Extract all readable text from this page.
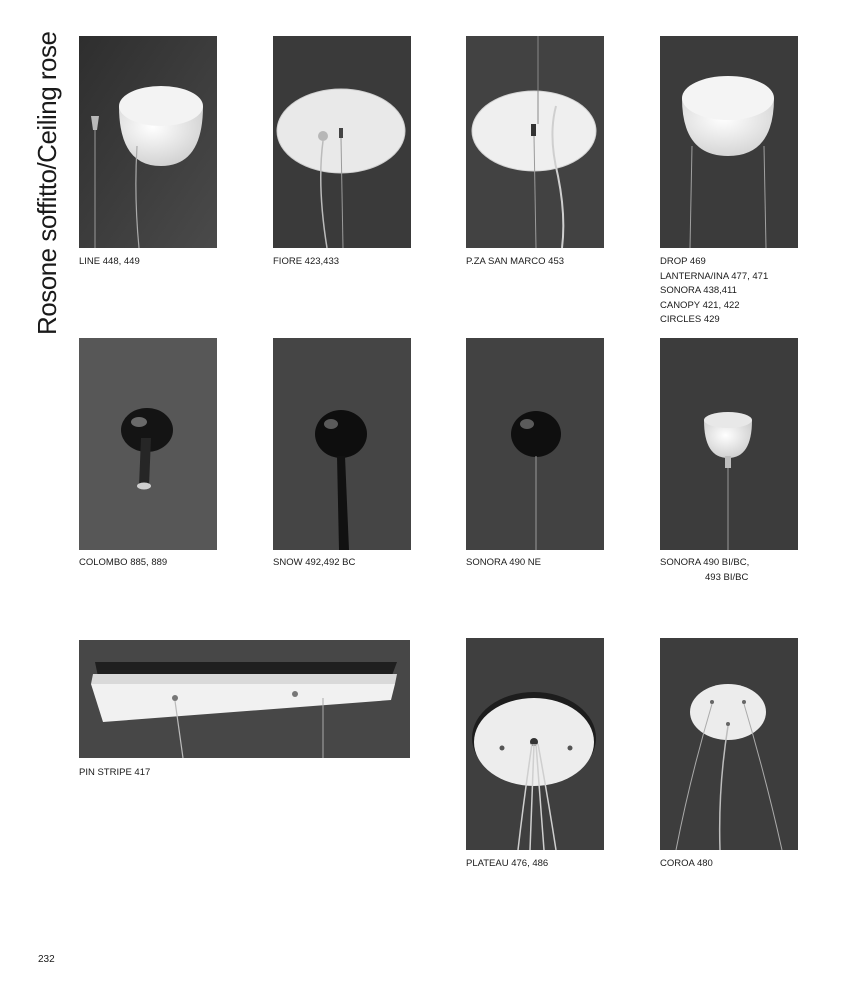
Rosone soffitto/Ceiling rose LINE 448, 449	FIORE 423,433	P.ZA SAN MARCO 453	DROP 469
LANTERNA/INA 477, 471
SONORA 438,411
CANOPY 421, 422
CIRCLES 429
COLOMBO 885, 889	SNOW 492,492 BC	SONORA 490 NE	SONORA 490 BI/BC,
493 BI/BC
PIN STRIPE 417
PLATEAU 476, 486	COROA 480
232
